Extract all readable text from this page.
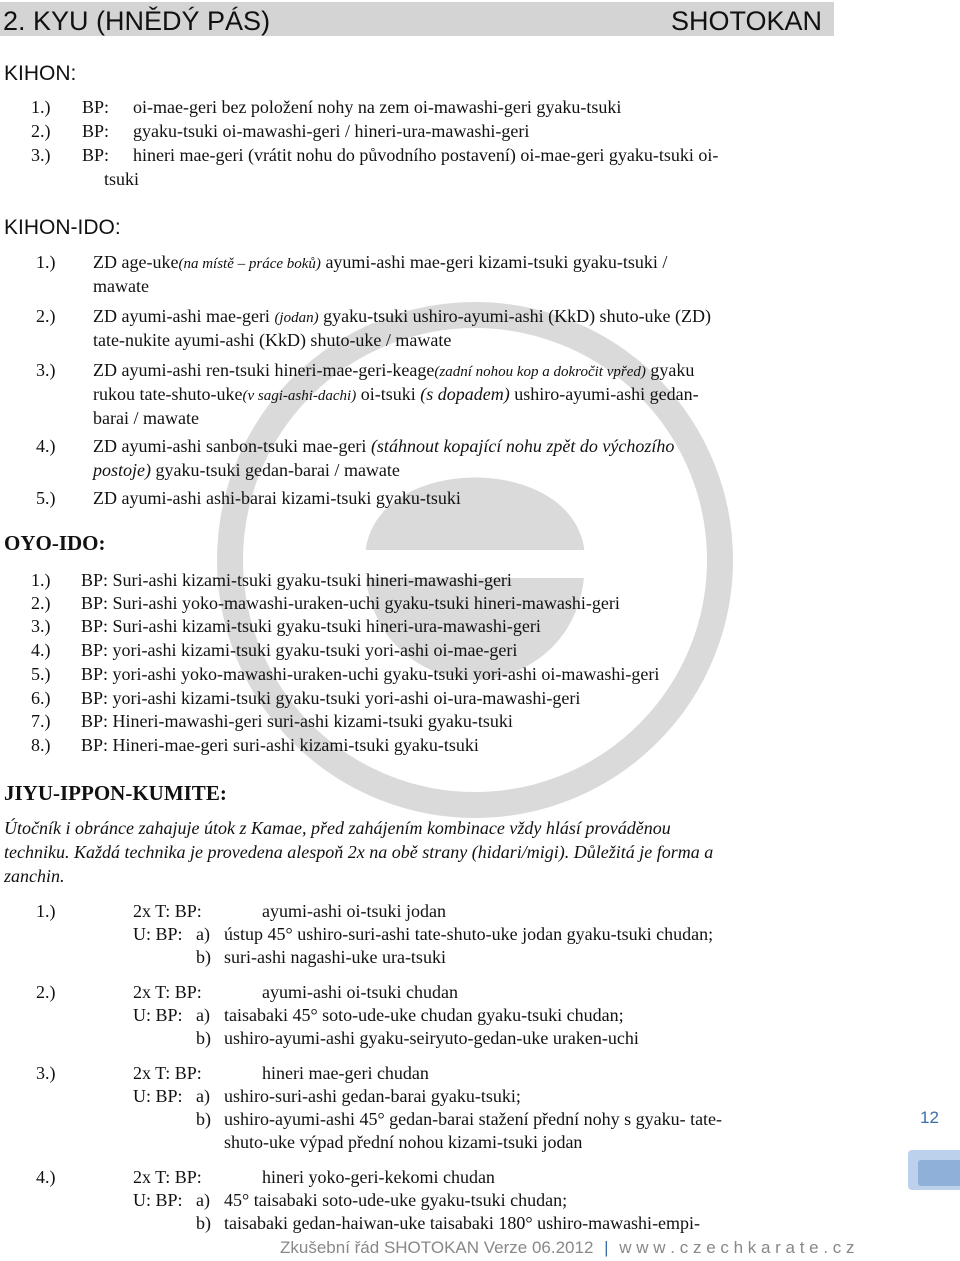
2. KYU (HNĚDÝ PÁS)	SHOTOKAN
KIHON:
1.) BP: oi-mae-geri bez položení nohy na zem oi-mawashi-geri gyaku-tsuki
2.) BP: gyaku-tsuki oi-mawashi-geri / hineri-ura-mawashi-geri
3.) BP: hineri mae-geri (vrátit nohu do původního postavení) oi-mae-geri gyaku-tsuki oi-
tsuki
KIHON-IDO:
1.) ZD age-uke(na místě – práce boků) ayumi-ashi mae-geri kizami-tsuki gyaku-tsuki /
mawate
2.) ZD ayumi-ashi mae-geri (jodan) gyaku-tsuki ushiro-ayumi-ashi (KkD) shuto-uke (ZD)
tate-nukite ayumi-ashi (KkD) shuto-uke / mawate
3.) ZD ayumi-ashi ren-tsuki hineri-mae-geri-keage(zadní nohou kop a dokročit vpřed) gyaku
rukou tate-shuto-uke(v sagi-ashi-dachi) oi-tsuki (s dopadem) ushiro-ayumi-ashi gedan-
barai / mawate
4.) ZD ayumi-ashi sanbon-tsuki mae-geri (stáhnout kopající nohu zpět do výchozího
postoje) gyaku-tsuki gedan-barai / mawate
5.) ZD ayumi-ashi ashi-barai kizami-tsuki gyaku-tsuki
OYO-IDO:
1.) BP: Suri-ashi kizami-tsuki gyaku-tsuki hineri-mawashi-geri
2.) BP: Suri-ashi yoko-mawashi-uraken-uchi gyaku-tsuki hineri-mawashi-geri
3.) BP: Suri-ashi kizami-tsuki gyaku-tsuki hineri-ura-mawashi-geri
4.) BP: yori-ashi kizami-tsuki gyaku-tsuki yori-ashi oi-mae-geri
5.) BP: yori-ashi yoko-mawashi-uraken-uchi gyaku-tsuki yori-ashi oi-mawashi-geri
6.) BP: yori-ashi kizami-tsuki gyaku-tsuki yori-ashi oi-ura-mawashi-geri
7.) BP: Hineri-mawashi-geri suri-ashi kizami-tsuki gyaku-tsuki
8.) BP: Hineri-mae-geri suri-ashi kizami-tsuki gyaku-tsuki
JIYU-IPPON-KUMITE:
Útočník i obránce zahajuje útok z Kamae, před zahájením kombinace vždy hlásí prováděnou
techniku. Každá technika je provedena alespoň 2x na obě strany (hidari/migi). Důležitá je forma a
zanchin.
1.)	2x T: BP:	ayumi-ashi oi-tsuki jodan
U: BP: a) ústup 45° ushiro-suri-ashi tate-shuto-uke jodan gyaku-tsuki chudan;
b) suri-ashi nagashi-uke ura-tsuki
2.)	2x T: BP:	ayumi-ashi oi-tsuki chudan
U: BP: a) taisabaki 45° soto-ude-uke chudan gyaku-tsuki chudan;
b) ushiro-ayumi-ashi gyaku-seiryuto-gedan-uke uraken-uchi
3.)	2x T: BP:	hineri mae-geri chudan
U: BP: a) ushiro-suri-ashi gedan-barai gyaku-tsuki;
b) ushiro-ayumi-ashi 45° gedan-barai stažení přední nohy s gyaku- tate-
shuto-uke výpad přední nohou kizami-tsuki jodan
4.)	2x T: BP:	hineri yoko-geri-kekomi chudan
U: BP: a) 45° taisabaki soto-ude-uke gyaku-tsuki chudan;
b) taisabaki gedan-haiwan-uke taisabaki 180° ushiro-mawashi-empi-
12
Zkušební řád SHOTOKAN Verze 06.2012 | w w w . c z e c h k a r a t e . c z
